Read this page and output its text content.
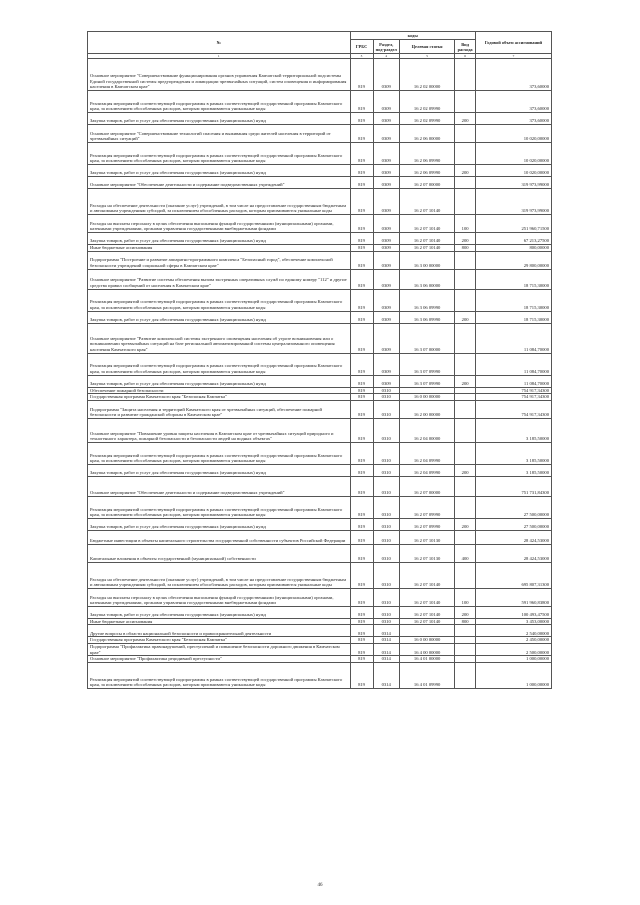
№	коды				Годовой объем ассигнований
	ГРБС	Раздел, под-раздел	Целевая статья	Вид расхода	
1	3	4	5	6	7
Основное мероприятие "Совершенствование функционирования органов управления Камчатской территориальной подсистемы Единой государственной системы предупреждения и ликвидации чрезвычайных ситуаций, систем оповещения и информирования населения в Камчатском крае"	819	0309	16 2 02 00000		373,60000
Реализация мероприятий соответствующей подпрограммы в рамках соответствующей государственной программы Камчатского края, за исключением обособленных расходов, которым присваиваются уникальные коды	819	0309	16 2 02 09990		373,60000
Закупка товаров, работ и услуг для обеспечения государственных (муниципальных) нужд	819	0309	16 2 02 09990	200	373,60000
Основное мероприятие "Совершенствование технологий спасения и выживания среди жителей населения в территорий от чрезвычайных ситуаций"	819	0309	16 2 06 00000		10 020,00000
Реализация мероприятий соответствующей подпрограммы в рамках соответствующей государственной программы Камчатского края, за исключением обособленных расходов, которым присваиваются уникальные коды	819	0309	16 2 06 09990		10 020,00000
Закупка товаров, работ и услуг для обеспечения государственных (муниципальных) нужд	819	0309	16 2 06 09990	200	10 020,00000
Основное мероприятие "Обеспечение деятельности и содержание подведомственных учреждений"	819	0309	16 2 07 00000		319 973,99000
Расходы на обеспечение деятельности (оказание услуг) учреждений, в том числе на предоставление государственным бюджетным и автономным учреждениям субсидий, за исключением обособленных расходов, которым присваиваются уникальные коды	819	0309	16 2 07 10140		319 973,99000
Расходы на выплаты персоналу в целях обеспечения выполнения функций государственными (муниципальными) органами, казенными учреждениями, органами управления государственными внебюджетными фондами	819	0309	16 2 07 10140	100	251 960,71500
Закупка товаров, работ и услуг для обеспечения государственных (муниципальных) нужд	819	0309	16 2 07 10140	200	67 213,27500
Иные бюджетные ассигнования	819	0309	16 2 07 10140	800	800,00000
Подпрограмма "Построение и развитие аппаратно-программного комплекса "Безопасный город", обеспечение комплексной безопасности учреждений социальной сферы в Камчатском крае"	819	0309	16 3 00 00000		29 800,00000
Основное мероприятие "Развитие системы обеспечения вызова экстренных оперативных служб по единому номеру "112" и другие средства правил сообщений от населения в Камчатском крае"	819	0309	16 3 06 00000		18 715,30000
Реализация мероприятий соответствующей подпрограммы в рамках соответствующей государственной программы Камчатского края, за исключением обособленных расходов, которым присваиваются уникальные коды	819	0309	16 3 06 09990		18 715,30000
Закупка товаров, работ и услуг для обеспечения государственных (муниципальных) нужд	819	0309	16 3 06 09990	200	18 715,30000
Основное мероприятие "Развитие комплексной системы экстренного оповещения населения об угрозе возникновения или о возникновении чрезвычайных ситуаций на базе региональной автоматизированной системы централизованного оповещения населения Камчатского края"	819	0309	16 3 07 00000		11 084,70000
Реализация мероприятий соответствующей подпрограммы в рамках соответствующей государственной программы Камчатского края, за исключением обособленных расходов, которым присваиваются уникальные коды	819	0309	16 3 07 09990		11 084,70000
Закупка товаров, работ и услуг для обеспечения государственных (муниципальных) нужд	819	0309	16 3 07 09990	200	11 084,70000
Обеспечение пожарной безопасности	819	0310			754 917,34300
Государственная программа Камчатского края "Безопасная Камчатка"	819	0310	16 0 00 00000		754 917,34300
Подпрограмма "Защита населения и территорий Камчатского края от чрезвычайных ситуаций, обеспечение пожарной безопасности и развитие гражданской обороны в Камчатском крае"	819	0310	16 2 00 00000		754 917,34300
Основное мероприятие "Повышение уровня защиты населения в Камчатском крае от чрезвычайных ситуаций природного и техногенного характера, пожарной безопасности и безопасности людей на водных объектах"	819	0310	16 2 04 00000		3 185,50000
Реализация мероприятий соответствующей подпрограммы в рамках соответствующей государственной программы Камчатского края, за исключением обособленных расходов, которым присваиваются уникальные коды	819	0310	16 2 04 09990		3 185,50000
Закупка товаров, работ и услуг для обеспечения государственных (муниципальных) нужд	819	0310	16 2 04 09990	200	3 185,50000
Основное мероприятие "Обеспечение деятельности и содержание подведомственных учреждений"	819	0310	16 2 07 00000		751 731,84300
Реализация мероприятий соответствующей подпрограммы в рамках соответствующей государственной программы Камчатского края, за исключением обособленных расходов, которым присваиваются уникальные коды	819	0310	16 2 07 09990		27 500,00000
Закупка товаров, работ и услуг для обеспечения государственных (муниципальных) нужд	819	0310	16 2 07 09990	200	27 500,00000
Бюджетные инвестиции в объекты капитального строительства государственной собственности субъектов Российской Федерации	819	0310	16 2 07 10130		28 424,53000
Капитальные вложения в объекты государственной (муниципальной) собственности	819	0310	16 2 07 10130	400	28 424,53000
Расходы на обеспечение деятельности (оказание услуг) учреждений, в том числе на предоставление государственным бюджетным и автономным учреждениям субсидий, за исключением обособленных расходов, которым присваиваются уникальные коды	819	0310	16 2 07 10140		695 807,31300
Расходы на выплаты персоналу в целях обеспечения выполнения функций государственными (муниципальными) органами, казенными учреждениями, органами управления государственными внебюджетными фондами	819	0310	16 2 07 10140	100	591 960,83800
Закупка товаров, работ и услуг для обеспечения государственных (муниципальных) нужд	819	0310	16 2 07 10140	200	100 493,47500
Иные бюджетные ассигнования	819	0310	16 2 07 10140	800	3 453,00000
Другие вопросы в области национальной безопасности и правоохранительной деятельности	819	0314			2 540,00000
Государственная программа Камчатского края "Безопасная Камчатка"	819	0314	16 0 00 00000		2 450,00000
Подпрограмма "Профилактика правонарушений, преступлений и повышение безопасности дорожного движения в Камчатском крае"	819	0314	16 4 00 00000		2 500,00000
Основное мероприятие "Профилактика рецидивной преступности"	819	0314	16 4 01 00000		1 000,00000
Реализация мероприятий соответствующей подпрограммы в рамках соответствующей государственной программы Камчатского края, за исключением обособленных расходов, которым присваиваются уникальные коды	819	0314	16 4 01 09990		1 000,00000
46
